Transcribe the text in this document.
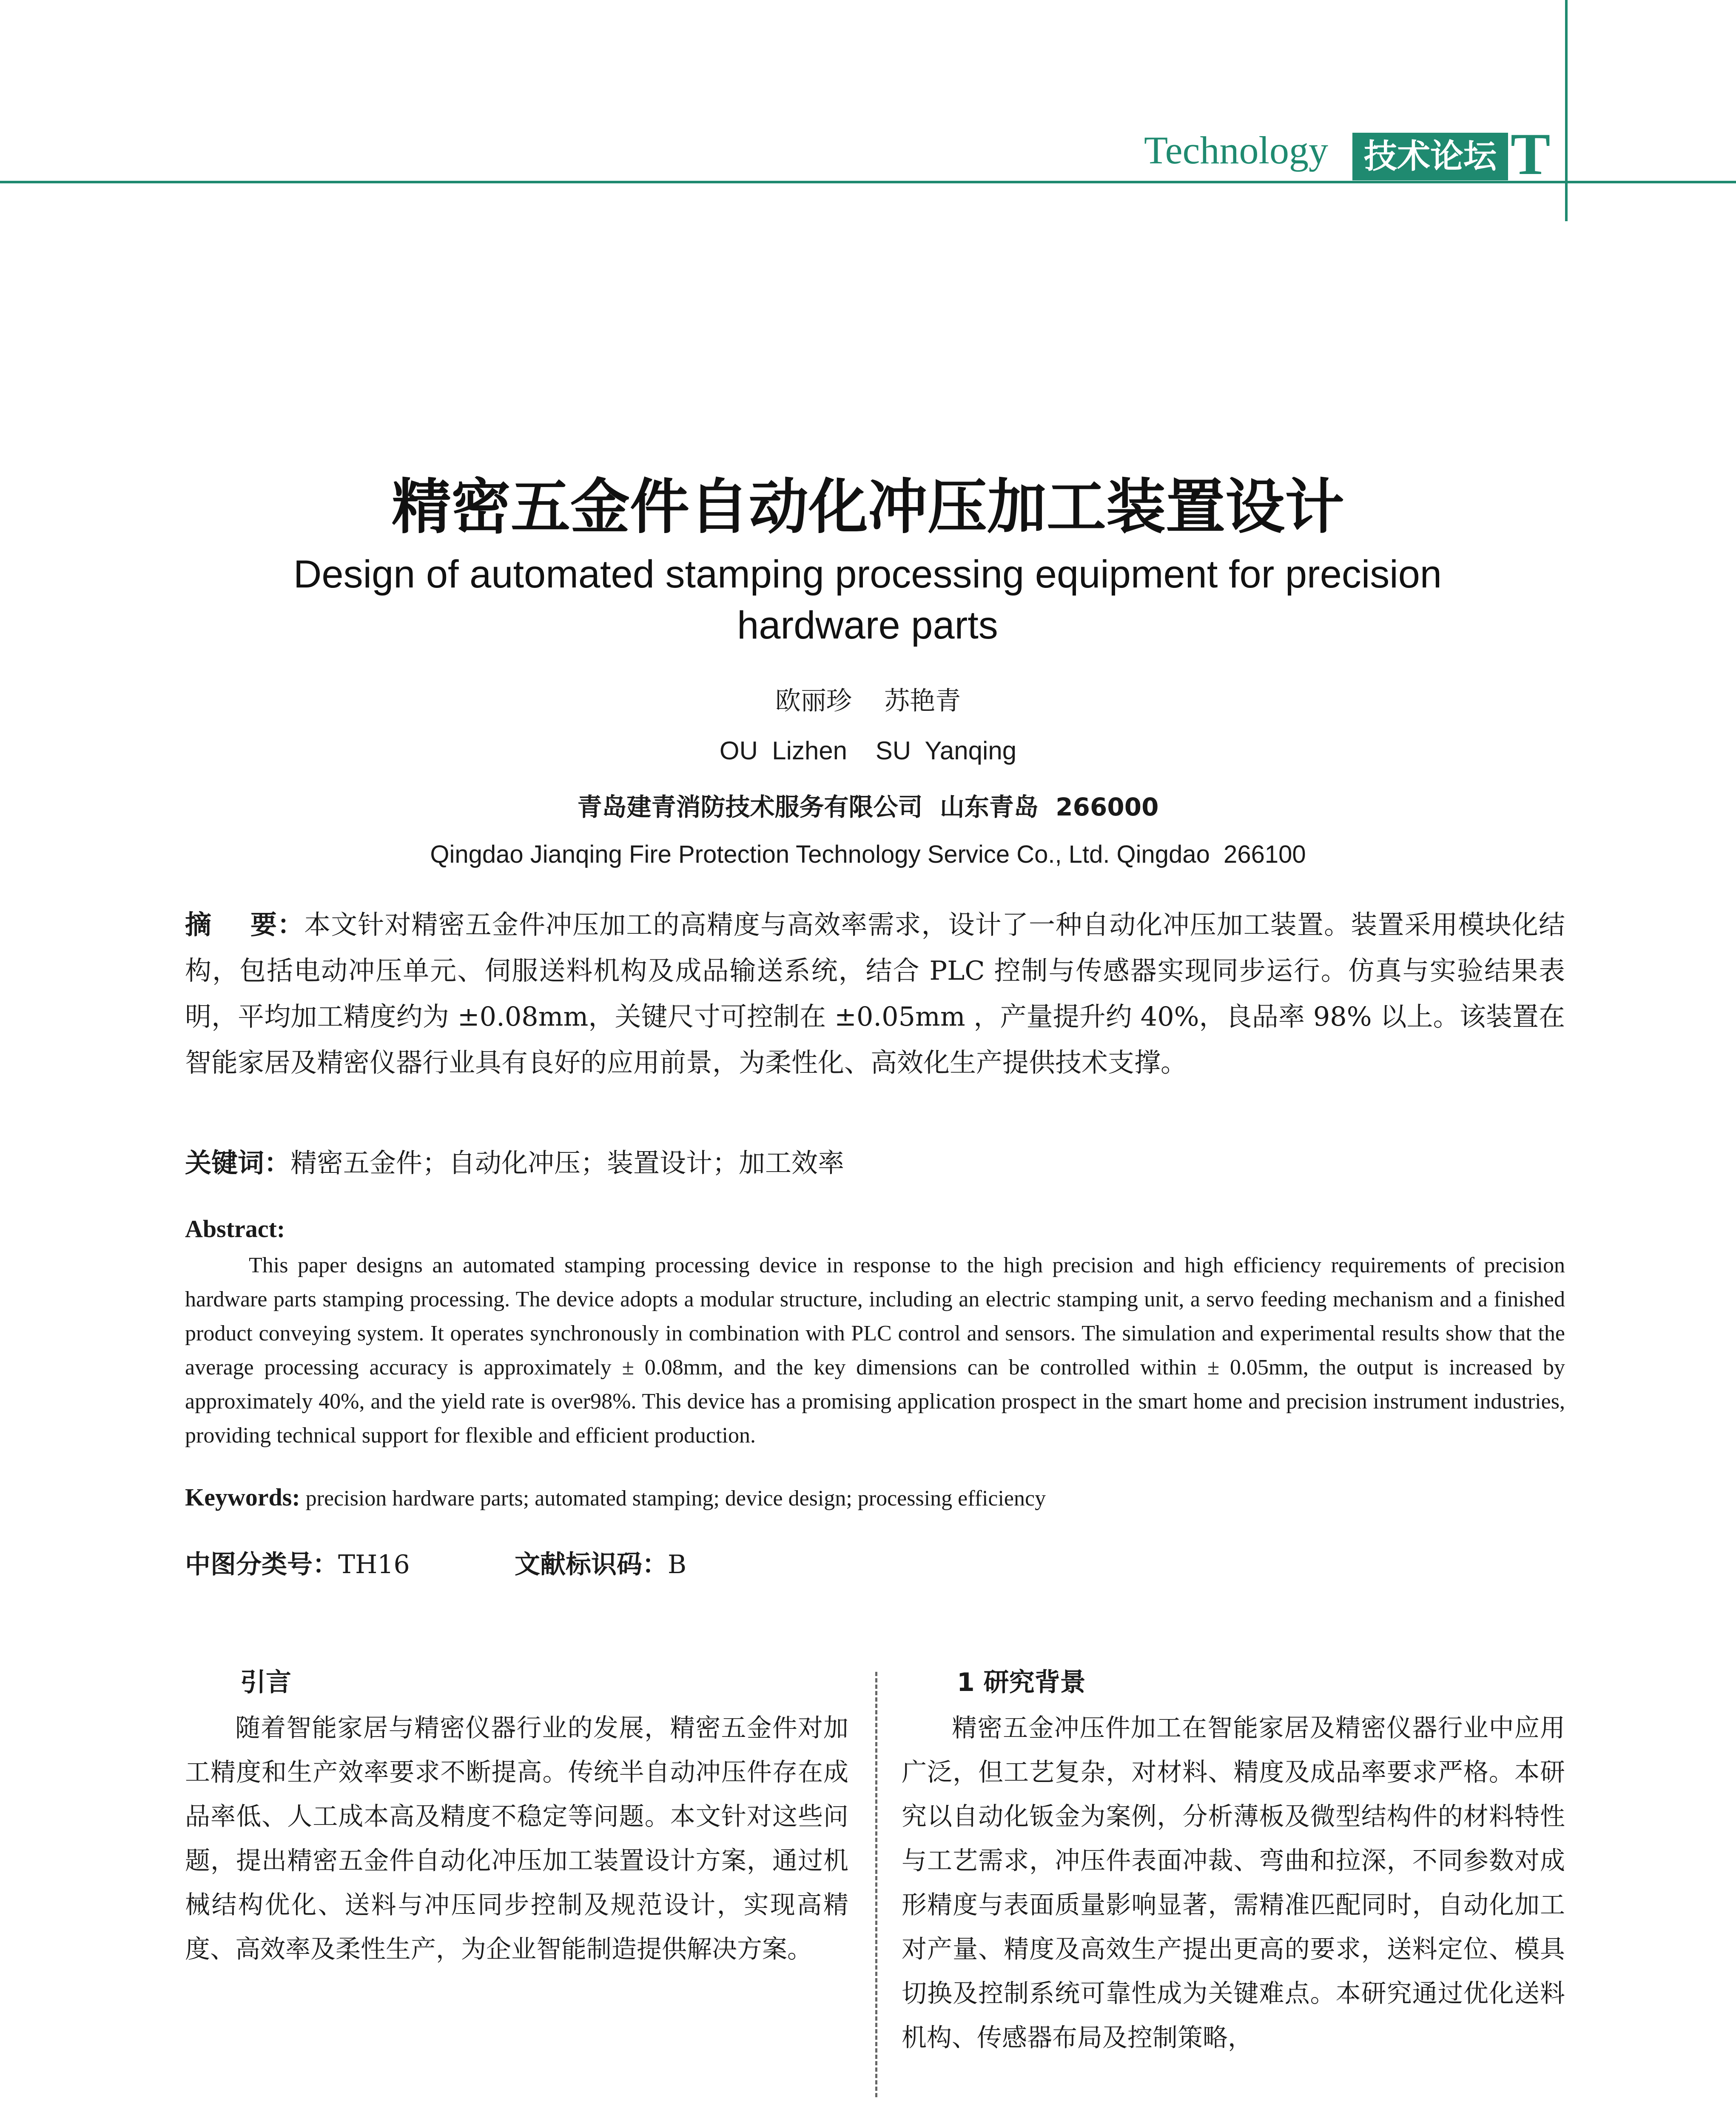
Technology	技术论坛 T
精密五金件自动化冲压加工装置设计
Design of automated stamping processing equipment for precision hardware parts
欧丽珍    苏艳青
OU  Lizhen    SU  Yanqing
青岛建青消防技术服务有限公司  山东青岛  266000
Qingdao Jianqing Fire Protection Technology Service Co., Ltd. Qingdao  266100
摘    要：本文针对精密五金件冲压加工的高精度与高效率需求，设计了一种自动化冲压加工装置。装置采用模块化结构，包括电动冲压单元、伺服送料机构及成品输送系统，结合 PLC 控制与传感器实现同步运行。仿真与实验结果表明，平均加工精度约为 ±0.08mm，关键尺寸可控制在 ±0.05mm ，产量提升约 40%，良品率 98% 以上。该装置在智能家居及精密仪器行业具有良好的应用前景，为柔性化、高效化生产提供技术支撑。
关键词：精密五金件；自动化冲压；装置设计；加工效率
Abstract:
This paper designs an automated stamping processing device in response to the high precision and high efficiency requirements of precision hardware parts stamping processing. The device adopts a modular structure, including an electric stamping unit, a servo feeding mechanism and a finished product conveying system. It operates synchronously in combination with PLC control and sensors. The simulation and experimental results show that the average processing accuracy is approximately ± 0.08mm, and the key dimensions can be controlled within ± 0.05mm, the output is increased by approximately 40%, and the yield rate is over98%. This device has a promising application prospect in the smart home and precision instrument industries, providing technical support for flexible and efficient production.
Keywords: precision hardware parts; automated stamping; device design; processing efficiency
中图分类号：TH16	文献标识码：B
引言

随着智能家居与精密仪器行业的发展，精密五金件对加工精度和生产效率要求不断提高。传统半自动冲压件存在成品率低、人工成本高及精度不稳定等问题。本文针对这些问题，提出精密五金件自动化冲压加工装置设计方案，通过机械结构优化、送料与冲压同步控制及规范设计，实现高精度、高效率及柔性生产，为企业智能制造提供解决方案。

1 研究背景

精密五金冲压件加工在智能家居及精密仪器行业中应用广泛，但工艺复杂，对材料、精度及成品率要求严格。本研究以自动化钣金为案例，分析薄板及微型结构件的材料特性与工艺需求，冲压件表面冲裁、弯曲和拉深，不同参数对成形精度与表面质量影响显著，需精准匹配同时，自动化加工对产量、精度及高效生产提出更高的要求，送料定位、模具切换及控制系统可靠性成为关键难点。本研究通过优化送料机构、传感器布局及控制策略，
